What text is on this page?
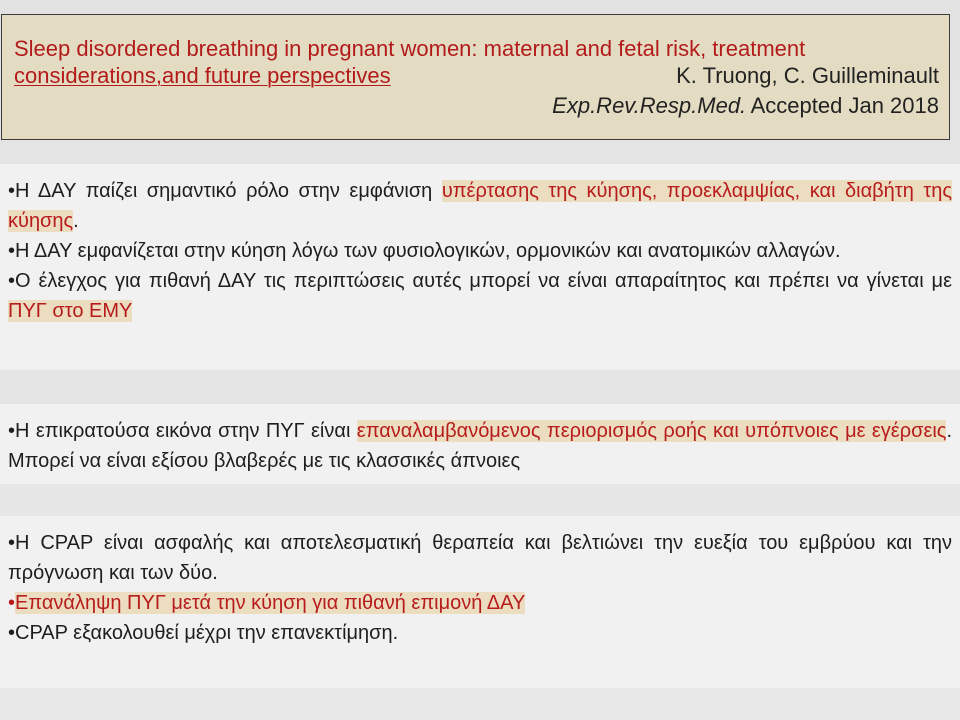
Sleep disordered breathing in pregnant women: maternal and fetal risk, treatment
considerations,and future perspectives	K. Truong, C. Guilleminault
Exp.Rev.Resp.Med. Accepted Jan 2018
•Η ΔΑΥ παίζει σημαντικό ρόλο στην εμφάνιση υπέρτασης της κύησης, προεκλαμψίας, και διαβήτη της κύησης.
•Η ΔΑΥ εμφανίζεται στην κύηση λόγω των φυσιολογικών, ορμονικών και ανατομικών αλλαγών.
•Ο έλεγχος για πιθανή ΔΑΥ τις περιπτώσεις αυτές μπορεί να είναι απαραίτητος και πρέπει να γίνεται με ΠΥΓ στο ΕΜΥ
•Η επικρατούσα εικόνα στην ΠΥΓ είναι επαναλαμβανόμενος περιορισμός ροής και υπόπνοιες με εγέρσεις. Μπορεί να είναι εξίσου βλαβερές με τις κλασσικές άπνοιες
•Η CPAP είναι ασφαλής και αποτελεσματική θεραπεία και βελτιώνει την ευεξία του εμβρύου και την πρόγνωση και των δύο.
•Επανάληψη ΠΥΓ μετά την κύηση για πιθανή επιμονή ΔΑΥ
•CPAP εξακολουθεί μέχρι την επανεκτίμηση.
